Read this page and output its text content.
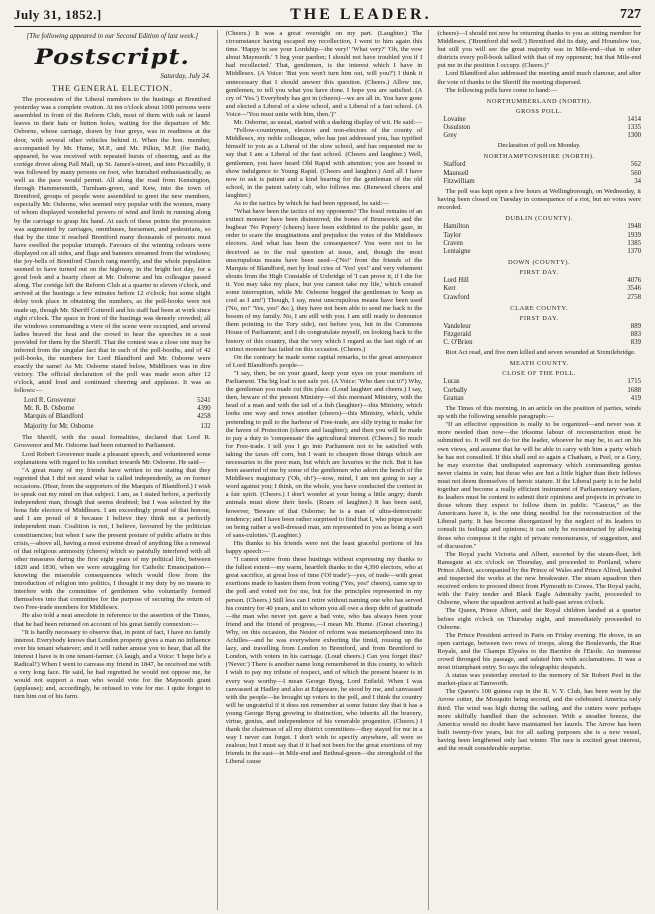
July 31, 1852.]	THE LEADER.	727

[The following appeared in our Second Edition of last week.]

Postscript.
Saturday, July 24.
THE GENERAL ELECTION.

The procession of the Liberal members to the hustings at Brentford yesterday was a complete ovation. At ten o'clock about 1000 persons were assembled in front of the Reform Club, most of them with oak or laurel leaves in their hats or button holes, waiting for the departure of Mr. Osborne, whose carriage, drawn by four greys, was in readiness at the door, with several other vehicles behind it. When the hon. member, accompanied by Mr. Hume, M.P., and Mr. Pilkin, M.P. (for Bath), appeared, he was received with repeated bursts of cheering, and as the cortége drove along Pall Mall, up St. James's-street, and into Piccadilly, it was followed by many persons on foot, who hurrahed enthusiastically, as well as the pace would permit. All along the road from Kensington, through Hammersmith, Turnham-green, and Kew, into the town of Brentford, groups of people were assembled to greet the new members, especially Mr. Osborne, who seemed very popular with the women, many of whom displayed wonderful powers of wind and limb in running along by the carriage to grasp his hand. At each of these points the procession was augmented by carriages, omnibuses, horsemen, and pedestrians, so that by the time it reached Brentford many thousands of persons must have swelled the popular triumph. Favours of the winning colours were displayed on all sides, and flags and banners streamed from the windows; the joy-bells of Brentford Church rang merrily, and the whole population seemed to have turned out on the highway, in the bright hot day, for a good look and a hearty cheer at Mr. Osborne and his colleague passed along. The cortége left the Reform Club at a quarter to eleven o'clock, and arrived at the hustings a few minutes before 12 o'clock; but some slight delay took place in obtaining the numbers, as the poll-books were not made up, though Mr. Sheriff Cotterell and his staff had been at work since eight o'clock. The space in front of the hustings was densely crowded; all the windows commanding a view of the scene were occupied, and several ladies braved the heat and the crowd to hear the speeches in a seat provided for them by the Sheriff. That the contest was a close one may be inferred from the singular fact that in each of the poll-booths, and of 42 poll-books, the numbers for Lord Blandford and Mr. Osborne were exactly the same! As Mr. Osborne stated below, Middlesex was in dire victory. The official declaration of the poll was made soon after 12 o'clock, amid loud and continued cheering and applause. It was as follows:—

Lord R. Grosvenor	5241
Mr. R. B. Osborne	4390
Marquis of Blandford	4258
Majority for Mr. Osborne	132

The Sheriff, with the usual formalities, declared that Lord R. Grosvenor and Mr. Osborne had been returned to Parliament.

Lord Robert Grosvenor made a pleasant speech, and volunteered some explanations with regard to his conduct towards Mr. Osborne. He said—

"A great many of my friends have written to me stating that they regretted that I did not stand what is called independently, as on former occasions. (Hear, from the supporters of the Marquis of Blandford.) I wish to speak out my mind on that subject. I am, as I stated before, a perfectly independent man, though that seems doubted; but I was selected by the bona fide electors of Middlesex. I am exceedingly proud of that honour, and I am proud of it because I believe they think me a perfectly independent man. Coalition is not, I believe, favoured by the politician constituencies; but when I saw the present posture of public affairs in this crisis,—above all, having a most extreme dread of anything like a renewal of that religious animosity (cheers) which so painfully interfered with all other measures during the first eight years of my political life, between 1820 and 1830, when we were struggling for Catholic Emancipation—knowing the miserable consequences which would flow from the introduction of religion into politics, I thought it my duty by no means to interfere with the committee of gentlemen who voluntarily formed themselves into that committee for the purpose of securing the return of two Free-trade members for Middlesex.

He also told a neat anecdote in reference to the assertion of the Times, that he had been returned on account of his great family connexion:—

"It is hardly necessary to observe that, in point of fact, I have no family interest. Everybody knows that London property gives a man no influence over his tenant whatever; and it will rather amuse you to hear, that all the interest I have is in one tenant-farmer. (A laugh, and a Voice: 'I hope he's a Radical!') When I went to canvass my friend in 1847, he received me with a very long face. He said, he had regretted he would not oppose me, he would not support a man who would vote for the Maynooth grant (applause); and, accordingly, he refused to vote for me. I quite forgot to turn him out of his farm.

(Cheers.) It was a great oversight on my part. (Laughter.) The circumstance having escaped my recollection, I went to him again this time. 'Happy to see your Lordship—the very!' 'What very?' 'Oh, the vow about Maynooth.' 'I beg your pardon; I should not have troubled you if I had recollected.' That, gentlemen, is the interest which I have in Middlesex. (A Voice: 'But you won't turn him out, will you?') I think it unnecessary that I should answer this question. (Cheers.) Allow me, gentlemen, to tell you what you have done. I hope you are satisfied. (A cry of 'Yes.') Everybody has got in (cheers)—we are all in. You have gone and elected a Liberal of a slow school, and a Liberal of a fast school. (A Voice—'You must unite with him, then.')"

Mr. Osborne, as usual, started with a dashing display of wit. He said:—

"Fellow-countrymen, electors and non-electors of the county of Middlesex, my noble colleague, who has just addressed you, has typified himself to you as a Liberal of the slow school, and has requested me to say that I am a Liberal of the fast school. (Cheers and laughter.) Well, gentlemen, you have heard Old Rapid with attention; you are bound to show indulgence to Young Rapid. (Cheers and laughter.) And all I have now to ask is patient and a kind hearing for the gentleman of the old school, in the patent safety cab, who follows me. (Renewed cheers and laughter.)

As to the tactics by which he had been opposed, he said:—

"What have been the tactics of my opponents? The fossil remains of an extinct monster have been disinterred; the bones of Brunswick and the bugbear 'No Popery' (cheers) have been exhibited to the public gaze, in order to scare the imaginations and prejudice the votes of the Middlesex electors. And what has been the consequence? You were not to be deceived as to the real question at issue, and, though the most unscrupulous means have been used—('No!' from the friends of the Marquis of Blandford, met by loud cries of 'Yes! yes!' and very vehement shouts from the High Constable of Uxbridge of 'I can prove it, if I die for it. You may take my place, but you cannot take my life,' which created some interruption, while Mr. Osborne begged the gentleman to 'keep as cool as I am!') Though, I say, most unscrupulous means have been used ('No, no!' 'Yes, yes!' &c.), they have not been able to send me back to the bosom of my family. No, I am still with you. I am still ready to denounce them pointing to the Tory side), not before you, but in the Commons House of Parliament; and I do congratulate myself, on looking back to the history of this country, that the very which I regard as the last sigh of an extinct monster has failed on this occasion. (Cheers.)

On the contrary he made some capital remarks, to the great annoyance of Lord Blandford's people—

"I say, then, be on your guard, keep your eyes on your members of Parliament. The big loaf is not safe yet. (A Voice: 'Who dare cut it?') Why, the gentleman you made cut this place. (Loud laughter and cheers.) I say, then, beware of the present Ministry—of this mermaid Ministry, with the head of a man and with the tail of a fish (laughter)—this Ministry, which looks one way and rows another (cheers)—this Ministry, which, while pretending to pull to the harbour of Free-trade, are slily trying to make for the haven of Protection (cheers and laughter); and then you will be made to pay a duty to 'compensate' the agricultural interest. (Cheers.) So much for Free-trade. I tell you I go into Parliament not to be satisfied with taking the taxes off corn, but I want to cheapen those things which are necessaries to the poor man, but which are luxuries to the rich. But it has been asserted of me by some of the gentlemen who adorn the bench of the Middlesex magistracy ('Oh, oh!')—now, mind, I am not going to say a word against you; I think, on the whole, you have conducted the contest in a fair spirit. (Cheers.) I don't wonder at your being a little angry; dumb animals must show their heels. (Roars of laughter.) It has been said, however, 'Beware of that Osborne; he is a man of ultra-democratic tendency; and I have been rather surprised to find that I, who pique myself on being rather a well-dressed man, am represented to you as being a sort of sans-culottes.' (Laughter.)

His thanks to his friends were not the least graceful portions of his happy speech:—

"I cannot retire from these hustings without expressing my thanks to the fullest extent—my warm, heartfelt thanks to the 4,390 electors, who at great sacrifice, at great loss of time ('Of trade')—yes, of trade—with great exertions made to hasten them from voting ('Yes, yes!' cheers), came up to the poll and voted not for me, but for the principles represented in my person. (Cheers.) Still less can I retire without naming one who has served his country for 40 years, and to whom you all owe a deep debt of gratitude—the man who never yet gave a bad vote, who has always been your friend and the friend of progress,—I mean Mr. Hume. (Great cheering.) Why, on this occasion, the Nestor of reform was metamorphosed into its Achilles—and he was everywhere exhorting the timid, rousing up the lazy, and travelling from London to Brentford, and from Brentford to London, with voters in his carriage. (Loud cheers.) Can you forget this? ('Never.') There is another name long remembered in this county, to which I wish to pay my tribute of respect, and of which the present bearer is in every way worthy—I mean George Byng, Lord Enfield. When I was canvassed at Hadley and also at Edgeware, he stood by me, and canvassed with the people—he brought up voters to the poll, and I think the country will be ungrateful if it does not remember at some future day that it has a young George Byng growing to distinction, who inherits all the bravery, virtue, genius, and independence of his venerable progenitor. (Cheers.) I thank the chairman of all my district committees—they stayed for me in a way I never can forget. I don't wish to specify anywhere, all were so zealous; but I must say that if it had not been for the great exertions of my friends in the east—in Mile-end and Bethnal-green—the stronghold of the Liberal cause

(cheers)—I should not now be returning thanks to you as sitting member for Middlesex. ('Brentford did well.') Brentford did its duty, and Hounslow too, but still you will see the great majority was in Mile-end—that in other districts every poll-book tallied with that of my opponent; but that Mile-end put me in the position I occupy. (Cheers.)"

Lord Blandford also addressed the meeting amid much clamour, and after the vote of thanks to the Sheriff the meeting dispersed.

The following polls have come to hand:—

NORTHUMBERLAND (NORTH).
GROSS POLL.
Lovaine	1414
Ossulston	1335
Grey	1300

Declaration of poll on Monday.

NORTHAMPTONSHIRE (NORTH).
Stafford	562
Maunsell	560
Fitzwilliam	34

The poll was kept open a few hours at Wellingborough, on Wednesday, it having been closed on Tuesday in consequence of a riot, but no votes were recorded.

DUBLIN (COUNTY).
Hamilton	1948
Taylor	1939
Craven	1385
Lentaigne	1370
DOWN (COUNTY).
FIRST DAY.
Lord Hill	4076
Kerr	3546
Crawford	2758
CLARE COUNTY.
FIRST DAY.
Vandeleur	889
Fitzgerald	883
C. O'Brien	839

Riot Act read, and five men killed and seven wounded at Sixmilebridge.

MEATH COUNTY.
CLOSE OF THE POLL.
Lucas	1715
Corbally	1688
Grattan	419

The Times of this morning, in an article on the position of parties, winds up with the following sensible paragraph:—

"If an effective opposition is really to be organized—and never was it more needed than now—the irksome labour of reconstruction must be submitted to. It will not do for the leader, whoever he may be, to act on his own views, and assume that he will be able to carry with him a party which he has not consulted. If this shall end so again a Chatham, a Peel, or a Grey, he may exercise that undisputed supremacy which commanding genius never claims in vain; but those who are but a little higher than their fellows must not deem themselves of heroic stature. If the Liberal party is to be held together and become a really efficient instrument of Parliamentary warfare, its leaders must be content to submit their opinions and projects in private to those whom they expect to follow them in public. "Caucus," as the Americans have it, is the one thing needful for the reconstruction of the Liberal party. It has become disorganized by the neglect of its leaders to consult its feelings and opinions; it can only be reconstructed by allowing those who compose it the right of private remonstrance, of suggestion, and of discussion."

The Royal yacht Victoria and Albert, escorted by the steam-fleet, left Ramsgate at six o'clock on Thursday, and proceeded to Portland, where Prince Albert, accompanied by the Prince of Wales and Prince Alfred, landed and inspected the works at the new breakwater. The steam squadron then received orders to proceed direct from Plymouth to Cowes. The Royal yacht, with the Fairy tender and Black Eagle Admiralty yacht, proceeded to Osborne, where the squadron arrived at half-past seven o'clock.

The Queen, Prince Albert, and the Royal children landed at a quarter before eight o'clock on Thursday night, and immediately proceeded to Osborne.

The Prince President arrived in Paris on Friday evening. He drove, in an open carriage, between two rows of troops, along the Boulevards, the Rue Royale, and the Champs Elysées to the Barrière de l'Etoile. An immense crowd thronged his passage, and saluted him with acclamations. It was a most triumphant entry. So says the telegraphic despatch.

A statue was yesterday erected to the memory of Sir Robert Peel in the market-place at Tamworth.

The Queen's 100 guinea cup in the R. V. Y. Club, has been won by the Arrow cutter, the Mosquito being second, and the celebrated America only third. The wind was high during the sailing, and the cutters were perhaps more skilfully handled than the schooner. With a steadier breeze, the America would no doubt have maintained her laurels. The Arrow has been built twenty-five years, but for all sailing purposes she is a new vessel, having been lengthened only last winter. The race is excited great interest, and the result considerable surprise.
